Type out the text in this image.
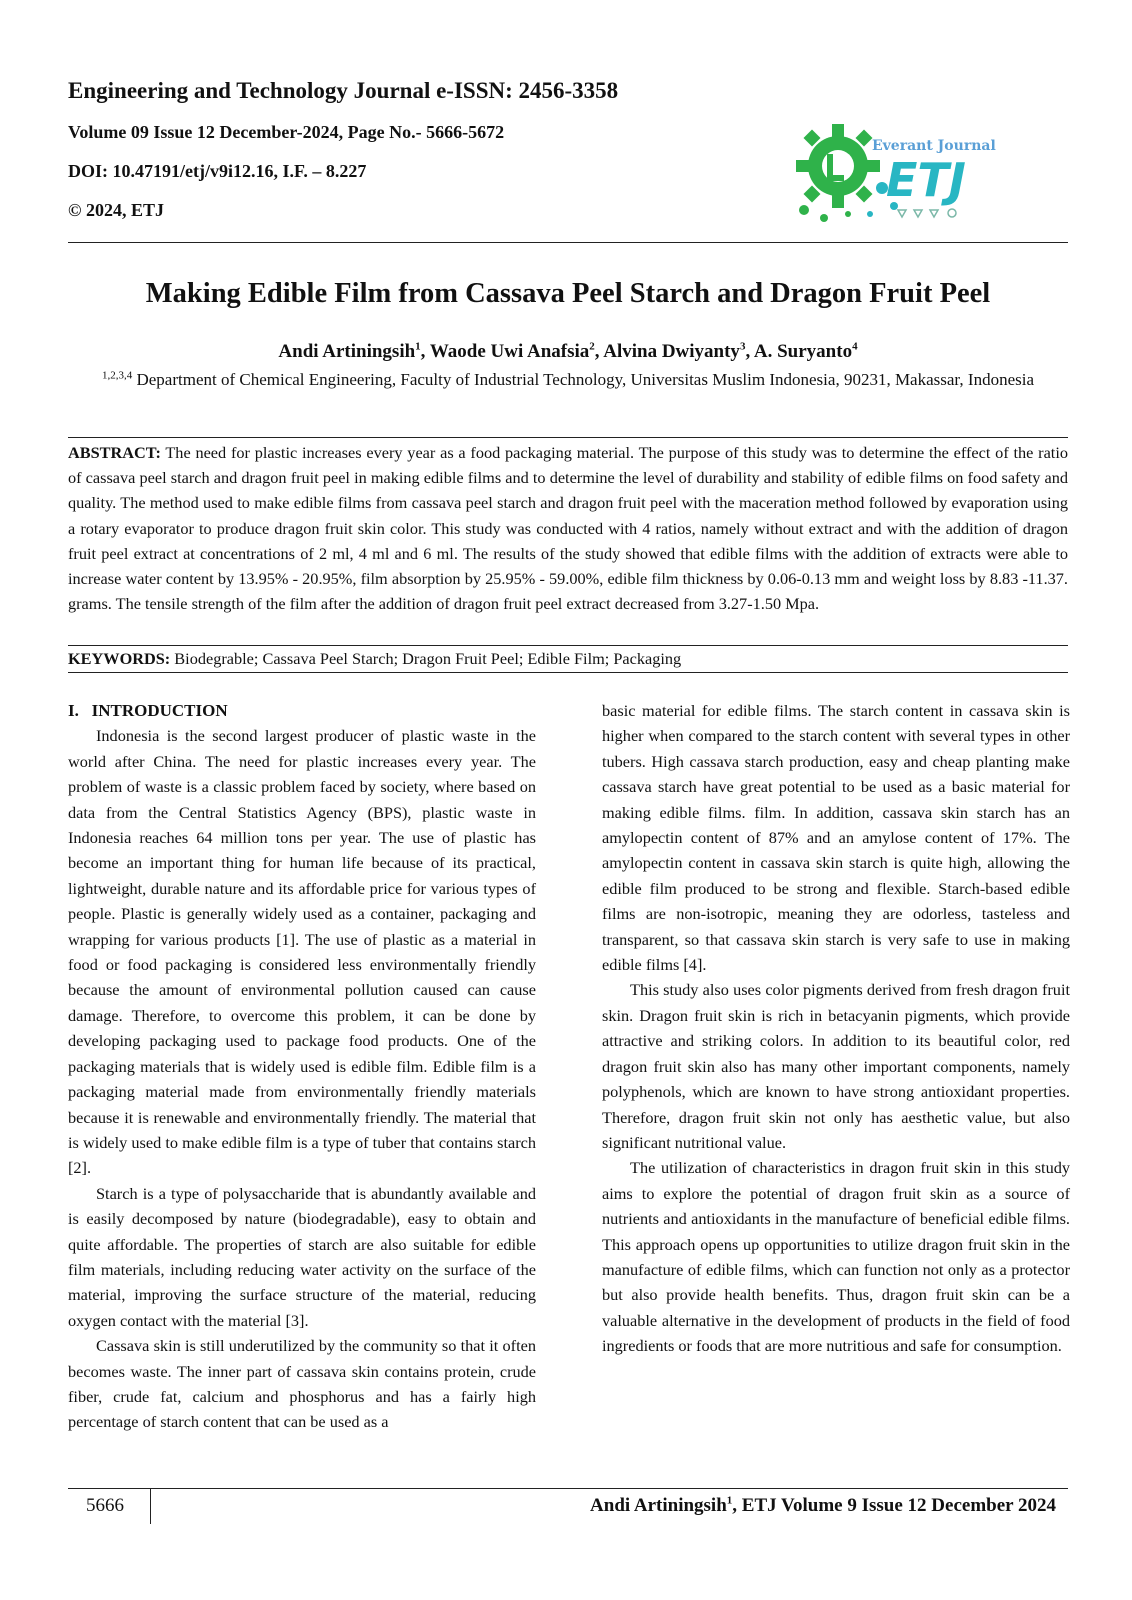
Engineering and Technology Journal e-ISSN: 2456-3358
Volume 09 Issue 12 December-2024, Page No.- 5666-5672
DOI: 10.47191/etj/v9i12.16, I.F. – 8.227
© 2024, ETJ
Everant Journal
ETJ
Making Edible Film from Cassava Peel Starch and Dragon Fruit Peel
Andi Artiningsih$^1$, Waode Uwi Anafsia$^2$, Alvina Dwiyanty$^3$, A. Suryanto$^4$
$^{1,2,3,4}$ Department of Chemical Engineering, Faculty of Industrial Technology, Universitas Muslim Indonesia, 90231, Makassar, Indonesia
ABSTRACT: The need for plastic increases every year as a food packaging material. The purpose of this study was to determine the effect of the ratio of cassava peel starch and dragon fruit peel in making edible films and to determine the level of durability and stability of edible films on food safety and quality. The method used to make edible films from cassava peel starch and dragon fruit peel with the maceration method followed by evaporation using a rotary evaporator to produce dragon fruit skin color. This study was conducted with 4 ratios, namely without extract and with the addition of dragon fruit peel extract at concentrations of 2 ml, 4 ml and 6 ml. The results of the study showed that edible films with the addition of extracts were able to increase water content by 13.95% - 20.95%, film absorption by 25.95% - 59.00%, edible film thickness by 0.06-0.13 mm and weight loss by 8.83 -11.37. grams. The tensile strength of the film after the addition of dragon fruit peel extract decreased from 3.27-1.50 Mpa.
KEYWORDS: Biodegrable; Cassava Peel Starch; Dragon Fruit Peel; Edible Film; Packaging

I.   INTRODUCTION

Indonesia is the second largest producer of plastic waste in the world after China. The need for plastic increases every year. The problem of waste is a classic problem faced by society, where based on data from the Central Statistics Agency (BPS), plastic waste in Indonesia reaches 64 million tons per year. The use of plastic has become an important thing for human life because of its practical, lightweight, durable nature and its affordable price for various types of people. Plastic is generally widely used as a container, packaging and wrapping for various products [1]. The use of plastic as a material in food or food packaging is considered less environmentally friendly because the amount of environmental pollution caused can cause damage. Therefore, to overcome this problem, it can be done by developing packaging used to package food products. One of the packaging materials that is widely used is edible film. Edible film is a packaging material made from environmentally friendly materials because it is renewable and environmentally friendly. The material that is widely used to make edible film is a type of tuber that contains starch [2].

Starch is a type of polysaccharide that is abundantly available and is easily decomposed by nature (biodegradable), easy to obtain and quite affordable. The properties of starch are also suitable for edible film materials, including reducing water activity on the surface of the material, improving the surface structure of the material, reducing oxygen contact with the material [3].

Cassava skin is still underutilized by the community so that it often becomes waste. The inner part of cassava skin contains protein, crude fiber, crude fat, calcium and phosphorus and has a fairly high percentage of starch content that can be used as a

basic material for edible films. The starch content in cassava skin is higher when compared to the starch content with several types in other tubers. High cassava starch production, easy and cheap planting make cassava starch have great potential to be used as a basic material for making edible films. film. In addition, cassava skin starch has an amylopectin content of 87% and an amylose content of 17%. The amylopectin content in cassava skin starch is quite high, allowing the edible film produced to be strong and flexible. Starch-based edible films are non-isotropic, meaning they are odorless, tasteless and transparent, so that cassava skin starch is very safe to use in making edible films [4].

This study also uses color pigments derived from fresh dragon fruit skin. Dragon fruit skin is rich in betacyanin pigments, which provide attractive and striking colors. In addition to its beautiful color, red dragon fruit skin also has many other important components, namely polyphenols, which are known to have strong antioxidant properties. Therefore, dragon fruit skin not only has aesthetic value, but also significant nutritional value.

The utilization of characteristics in dragon fruit skin in this study aims to explore the potential of dragon fruit skin as a source of nutrients and antioxidants in the manufacture of beneficial edible films. This approach opens up opportunities to utilize dragon fruit skin in the manufacture of edible films, which can function not only as a protector but also provide health benefits. Thus, dragon fruit skin can be a valuable alternative in the development of products in the field of food ingredients or foods that are more nutritious and safe for consumption.

5666	Andi Artiningsih$^1$, ETJ Volume 9 Issue 12 December 2024
